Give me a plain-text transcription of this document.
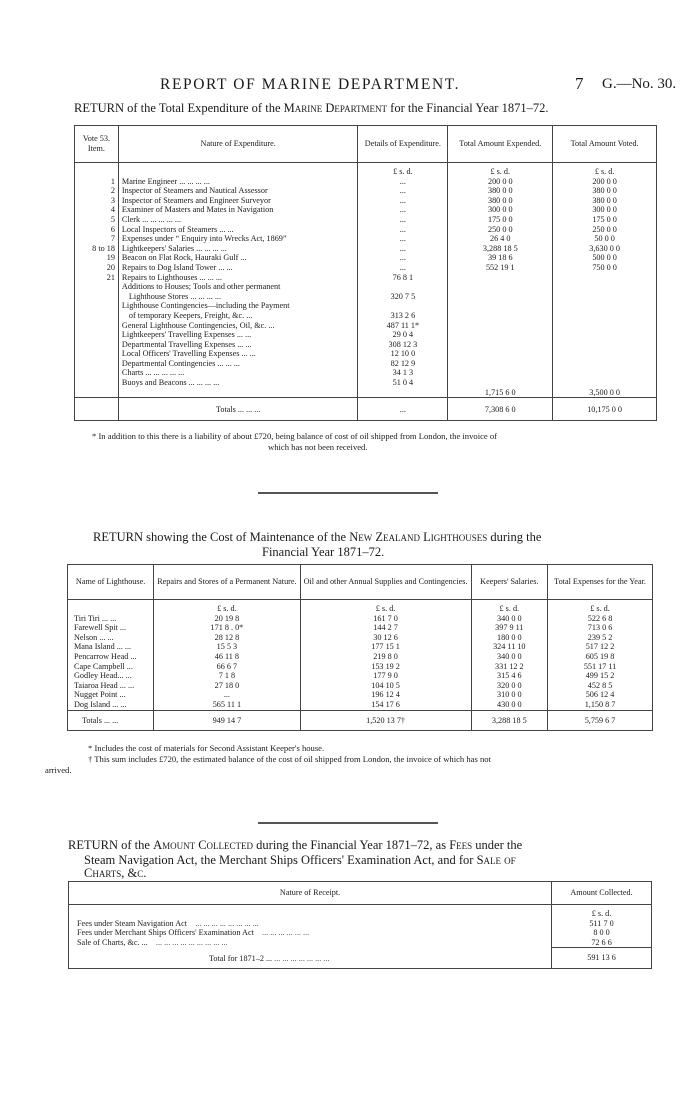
REPORT OF MARINE DEPARTMENT.	7 G.—No. 30.
RETURN of the Total Expenditure of the Marine Department for the Financial Year 1871–72.
Vote 53.
Item.	Nature of Expenditure.	Details of Expenditure.	Total Amount Expended.	Total Amount Voted.
		£ s. d.	£ s. d.	£ s. d.
1	Marine Engineer ... ... ... ...	...	200 0 0	200 0 0
2	Inspector of Steamers and Nautical Assessor	...	380 0 0	380 0 0
3	Inspector of Steamers and Engineer Surveyor	...	380 0 0	380 0 0
4	Examiner of Masters and Mates in Navigation	...	300 0 0	300 0 0
5	Clerk ... ... ... ... ...	...	175 0 0	175 0 0
6	Local Inspectors of Steamers ... ...	...	250 0 0	250 0 0
7	Expenses under “ Enquiry into Wrecks Act, 1869”	...	26 4 0	50 0 0
8 to 18	Lightkeepers' Salaries ... ... ... ...	...	3,288 18 5	3,630 0 0
19	Beacon on Flat Rock, Hauraki Gulf ...	...	39 18 6	500 0 0
20	Repairs to Dog Island Tower ... ...	...	552 19 1	750 0 0
21	Repairs to Lighthouses ... ... ...	76 8 1		
	Additions to Houses; Tools and other permanent			
	Lighthouse Stores ... ... ... ...	320 7 5		
	Lighthouse Contingencies—including the Payment			
	of temporary Keepers, Freight, &c. ...	313 2 6		
	General Lighthouse Contingencies, Oil, &c. ...	487 11 1*		
	Lightkeepers' Travelling Expenses ... ...	29 0 4		
	Departmental Travelling Expenses ... ...	308 12 3		
	Local Officers' Travelling Expenses ... ...	12 10 0		
	Departmental Contingencies ... ... ...	82 12 9		
	Charts ... ... ... ... ...	34 1 3		
	Buoys and Beacons ... ... ... ...	51 0 4		
			1,715 6 0	3,500 0 0
	Totals ... ... ...	...	7,308 6 0	10,175 0 0
* In addition to this there is a liability of about £720, being balance of cost of oil shipped from London, the invoice of
which has not been received.
RETURN showing the Cost of Maintenance of the New Zealand Lighthouses during the
Financial Year 1871–72.
Name of Lighthouse.	Repairs and Stores of a Permanent Nature.	Oil and other Annual Supplies and Contingencies.	Keepers' Salaries.	Total Expenses for the Year.
	£ s. d.	£ s. d.	£ s. d.	£ s. d.
Tiri Tiri ... ...	20 19 8	161 7 0	340 0 0	522 6 8
Farewell Spit ...	171 8 . 0*	144 2 7	397 9 11	713 0 6
Nelson ... ...	28 12 8	30 12 6	180 0 0	239 5 2
Mana Island ... ...	15 5 3	177 15 1	324 11 10	517 12 2
Pencarrow Head ...	46 11 8	219 8 0	340 0 0	605 19 8
Cape Campbell ...	66 6 7	153 19 2	331 12 2	551 17 11
Godley Head... ...	7 1 8	177 9 0	315 4 6	499 15 2
Taiaroa Head ... ...	27 18 0	104 10 5	320 0 0	452 8 5
Nugget Point ...	...	196 12 4	310 0 0	506 12 4
Dog Island ... ...	565 11 1	154 17 6	430 0 0	1,150 8 7
Totals ... ...	949 14 7	1,520 13 7†	3,288 18 5	5,759 6 7
* Includes the cost of materials for Second Assistant Keeper's house.
† This sum includes £720, the estimated balance of the cost of oil shipped from London, the invoice of which has not
arrived.
RETURN of the Amount Collected during the Financial Year 1871–72, as Fees under the
Steam Navigation Act, the Merchant Ships Officers' Examination Act, and for Sale of
Charts, &c.
Nature of Receipt.	Amount Collected.
	£ s. d.
Fees under Steam Navigation Act  ... ... ... ... ... ... ... ...	511 7 0
Fees under Merchant Ships Officers' Examination Act  ... ... ... ... ... ...	8 0 0
Sale of Charts, &c. ...  ... ... ... ... ... ... ... ... ...	72 6 6
Total for 1871–2 ... ... ... ... ... ... ... ...	591 13 6
